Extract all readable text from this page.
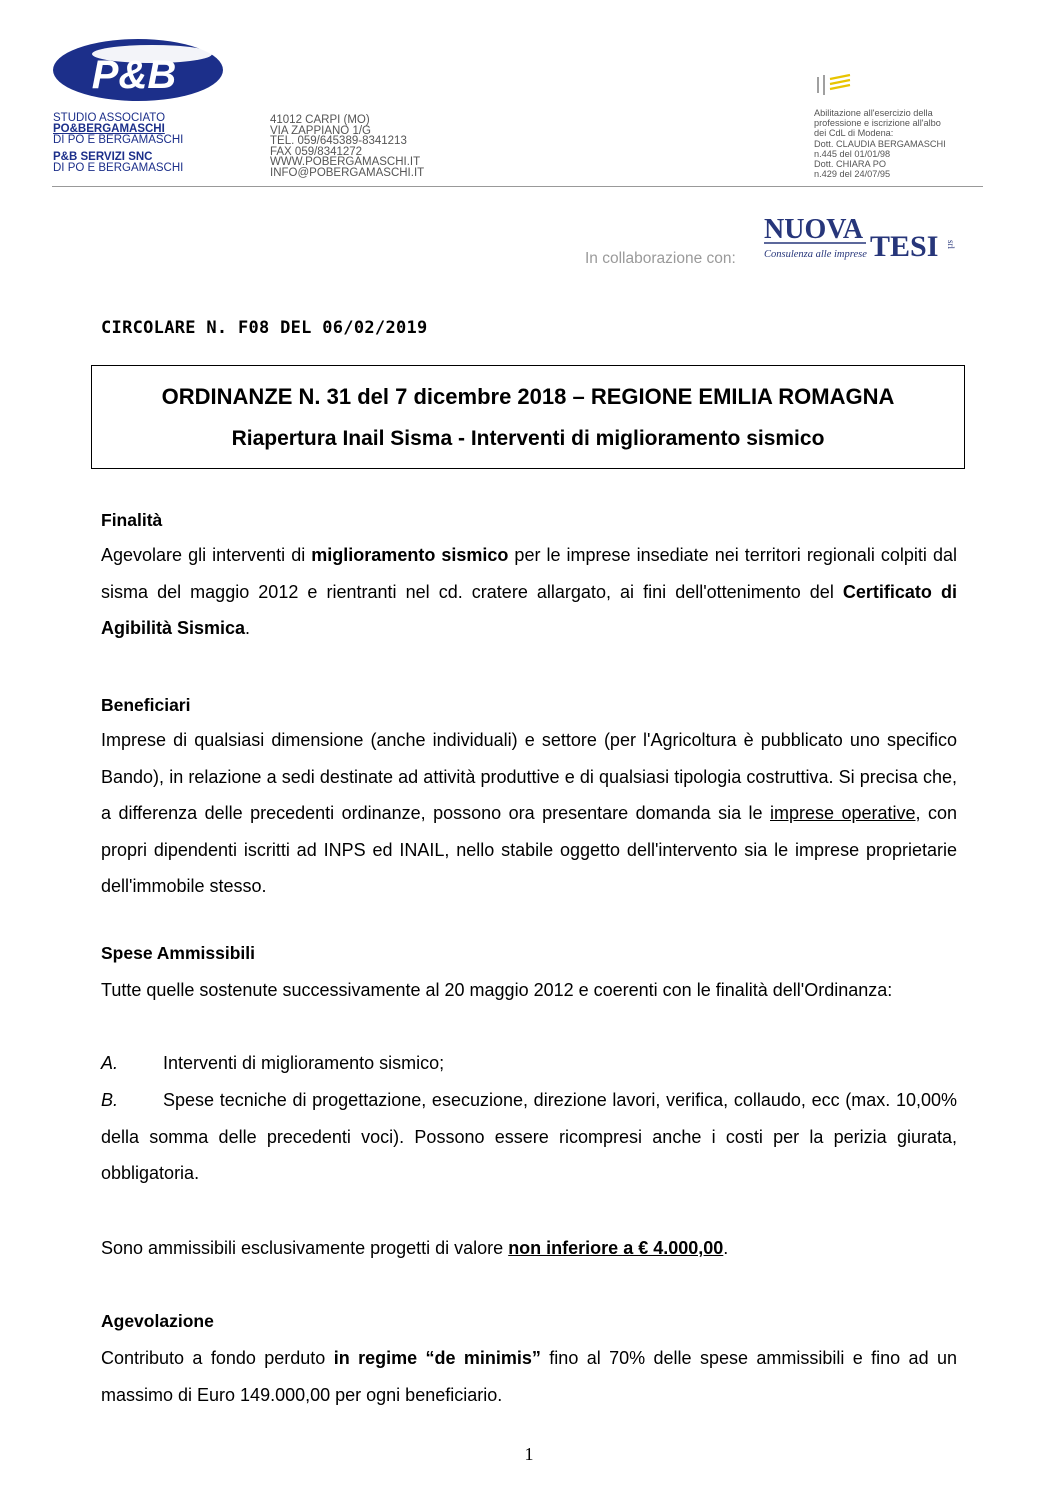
P&B
STUDIO ASSOCIATO
PO&BERGAMASCHI
DI PO E BERGAMASCHI
P&B SERVIZI SNC
DI PO E BERGAMASCHI
41012 CARPI (MO)
VIA ZAPPIANO 1/G
TEL. 059/645389-8341213
FAX 059/8341272
WWW.POBERGAMASCHI.IT
INFO@POBERGAMASCHI.IT
Abilitazione all'esercizio della
professione e iscrizione all'albo
dei CdL di Modena:
Dott. CLAUDIA BERGAMASCHI
n.445 del 01/01/98
Dott. CHIARA PO
n.429 del 24/07/95
In collaborazione con:
NUOVA
TESI srl
Consulenza alle imprese
CIRCOLARE N. F08 DEL 06/02/2019
ORDINANZE N. 31 del 7 dicembre 2018 – REGIONE EMILIA ROMAGNA
Riapertura Inail Sisma - Interventi di miglioramento sismico
Finalità
Agevolare gli interventi di miglioramento sismico per le imprese insediate nei territori regionali colpiti dal sisma del maggio 2012 e rientranti nel cd. cratere allargato, ai fini dell'ottenimento del Certificato di Agibilità Sismica.
Beneficiari
Imprese di qualsiasi dimensione (anche individuali) e settore (per l'Agricoltura è pubblicato uno specifico Bando), in relazione a sedi destinate ad attività produttive e di qualsiasi tipologia costruttiva. Si precisa che, a differenza delle precedenti ordinanze, possono ora presentare domanda sia le imprese operative, con propri dipendenti iscritti ad INPS ed INAIL, nello stabile oggetto dell'intervento sia le imprese proprietarie dell'immobile stesso.
Spese Ammissibili
Tutte quelle sostenute successivamente al 20 maggio 2012 e coerenti con le finalità dell'Ordinanza:
A. Interventi di miglioramento sismico;
B. Spese tecniche di progettazione, esecuzione, direzione lavori, verifica, collaudo, ecc (max. 10,00% della somma delle precedenti voci). Possono essere ricompresi anche i costi per la perizia giurata, obbligatoria.
Sono ammissibili esclusivamente progetti di valore non inferiore a € 4.000,00.
Agevolazione
Contributo a fondo perduto in regime “de minimis” fino al 70% delle spese ammissibili e fino ad un massimo di Euro 149.000,00 per ogni beneficiario.
1
